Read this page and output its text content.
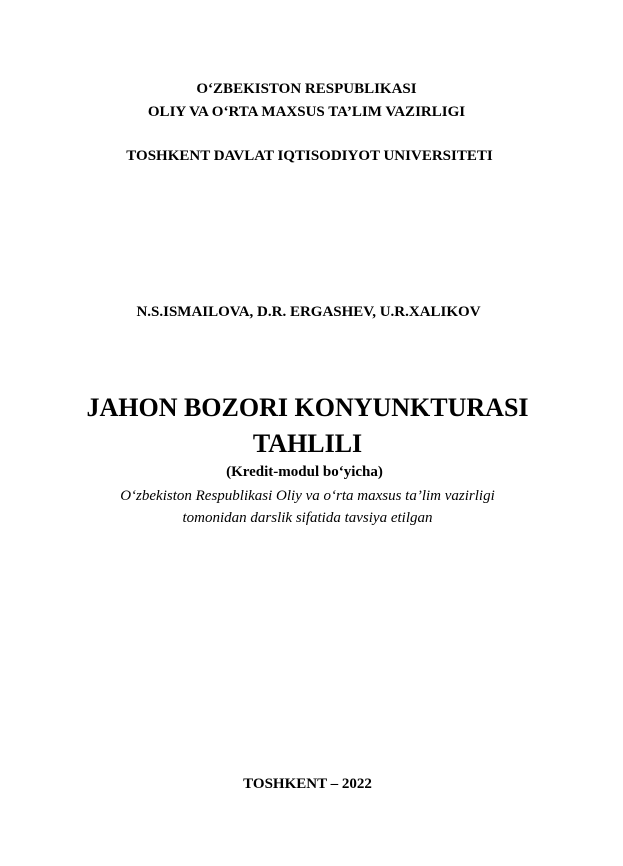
O‘ZBEKISTON RESPUBLIKASI
OLIY VA O‘RTA MAXSUS TA’LIM VAZIRLIGI
TOSHKENT DAVLAT IQTISODIYOT UNIVERSITETI
N.S.ISMAILOVA, D.R. ERGASHEV, U.R.XALIKOV
JAHON BOZORI KONYUNKTURASI
TAHLILI
(Kredit-modul bo‘yicha)
O‘zbekiston Respublikasi Oliy va o‘rta maxsus ta’lim vazirligi
tomonidan darslik sifatida tavsiya etilgan
TOSHKENT – 2022
